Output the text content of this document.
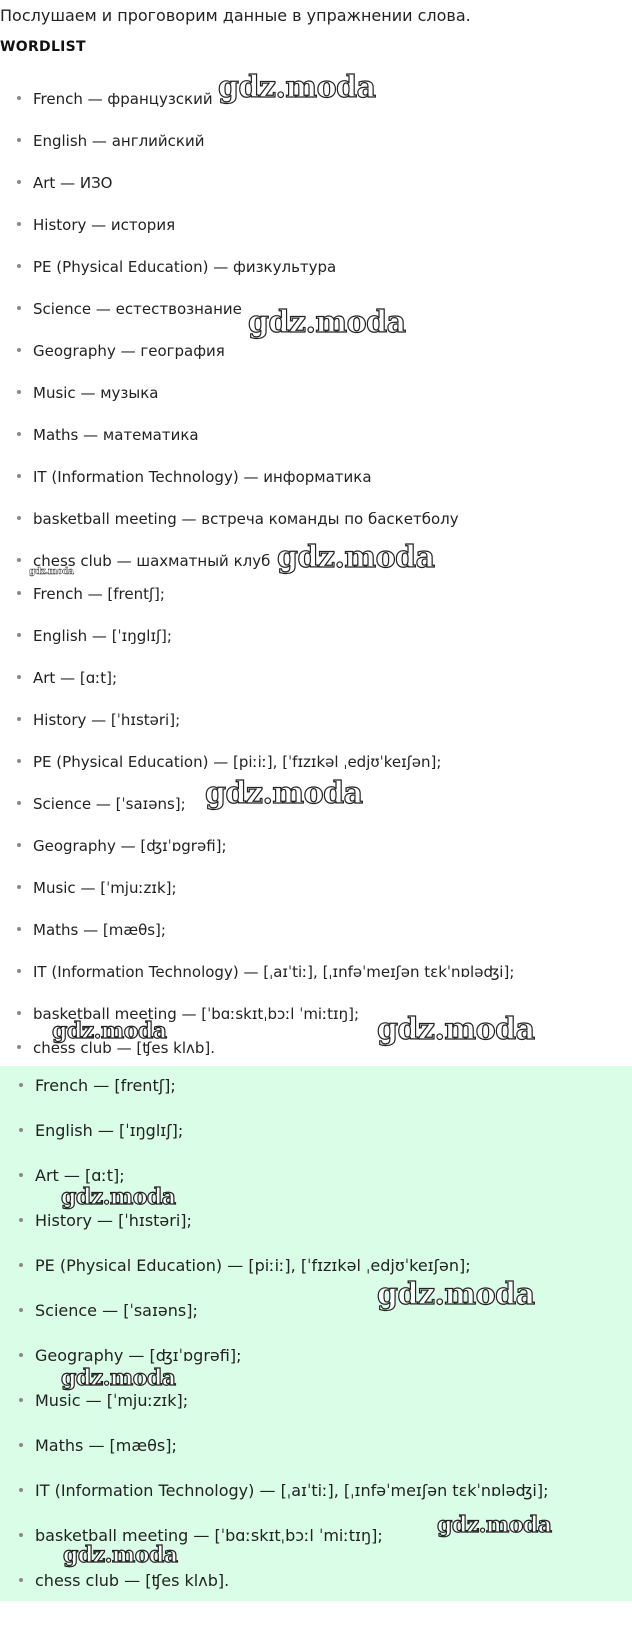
Послушаем и проговорим данные в упражнении слова.
WORDLIST
French — французский
English — английский
Art — ИЗО
History — история
PE (Physical Education) — физкультура
Science — естествознание
Geography — география
Music — музыка
Maths — математика
IT (Information Technology) — информатика
basketball meeting — встреча команды по баскетболу
chess club — шахматный клуб
French — [frentʃ];
English — [ˈɪŋglɪʃ];
Art — [ɑːt];
History — [ˈhɪstəri];
PE (Physical Education) — [piːiː], [ˈfɪzɪkəl ˌedjʊˈkeɪʃən];
Science — [ˈsaɪəns];
Geography — [ʤɪˈɒgrəfi];
Music — [ˈmjuːzɪk];
Maths — [mæθs];
IT (Information Technology) — [ˌaɪˈtiː], [ˌɪnfəˈmeɪʃən tɛkˈnɒləʤi];
basketball meeting — [ˈbɑːskɪtˌbɔːl ˈmiːtɪŋ];
chess club — [ʧes klʌb].
French — [frentʃ];
English — [ˈɪŋglɪʃ];
Art — [ɑːt];
History — [ˈhɪstəri];
PE (Physical Education) — [piːiː], [ˈfɪzɪkəl ˌedjʊˈkeɪʃən];
Science — [ˈsaɪəns];
Geography — [ʤɪˈɒgrəfi];
Music — [ˈmjuːzɪk];
Maths — [mæθs];
IT (Information Technology) — [ˌaɪˈtiː], [ˌɪnfəˈmeɪʃən tɛkˈnɒləʤi];
basketball meeting — [ˈbɑːskɪtˌbɔːl ˈmiːtɪŋ];
chess club — [ʧes klʌb].
gdz.moda
gdz.moda
gdz.moda
gdz.moda
gdz.moda
gdz.moda	gdz.moda
gdz.moda
gdz.moda
gdz.moda
gdz.moda
gdz.moda
